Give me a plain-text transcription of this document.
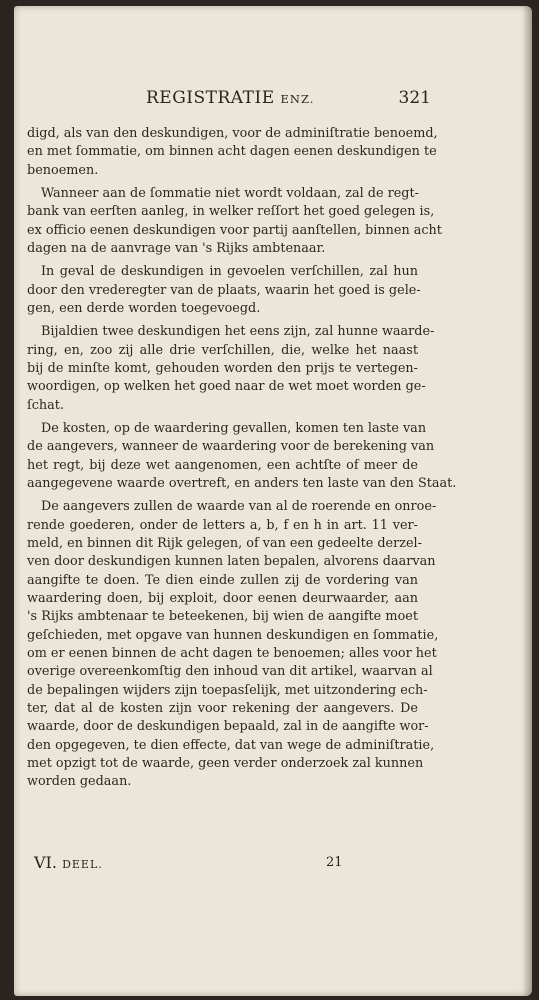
REGISTRATIE ENZ.	321
digd, als van den deskundigen, voor de adminiſtratie benoemd,
en met ſommatie, om binnen acht dagen eenen deskundigen te
benoemen.
Wanneer aan de ſommatie niet wordt voldaan, zal de regt-
bank van eerſten aanleg, in welker reſſort het goed gelegen is,
ex officio eenen deskundigen voor partij aanſtellen, binnen acht
dagen na de aanvrage van 's Rijks ambtenaar.
In geval de deskundigen in gevoelen verſchillen, zal hun
door den vrederegter van de plaats, waarin het goed is gele-
gen, een derde worden toegevoegd.
Bijaldien twee deskundigen het eens zijn, zal hunne waarde-
ring, en, zoo zij alle drie verſchillen, die, welke het naast
bij de minſte komt, gehouden worden den prijs te vertegen-
woordigen, op welken het goed naar de wet moet worden ge-
ſchat.
De kosten, op de waardering gevallen, komen ten laste van
de aangevers, wanneer de waardering voor de berekening van
het regt, bij deze wet aangenomen, een achtſte of meer de
aangegevene waarde overtreft, en anders ten laste van den Staat.
De aangevers zullen de waarde van al de roerende en onroe-
rende goederen, onder de letters a, b, f en h in art. 11 ver-
meld, en binnen dit Rijk gelegen, of van een gedeelte derzel-
ven door deskundigen kunnen laten bepalen, alvorens daarvan
aangifte te doen. Te dien einde zullen zij de vordering van
waardering doen, bij exploit, door eenen deurwaarder, aan
's Rijks ambtenaar te beteekenen, bij wien de aangifte moet
geſchieden, met opgave van hunnen deskundigen en ſommatie,
om er eenen binnen de acht dagen te benoemen; alles voor het
overige overeenkomſtig den inhoud van dit artikel, waarvan al
de bepalingen wijders zijn toepasſelijk, met uitzondering ech-
ter, dat al de kosten zijn voor rekening der aangevers. De
waarde, door de deskundigen bepaald, zal in de aangifte wor-
den opgegeven, te dien effecte, dat van wege de adminiſtratie,
met opzigt tot de waarde, geen verder onderzoek zal kunnen
worden gedaan.
VI. DEEL.	21
